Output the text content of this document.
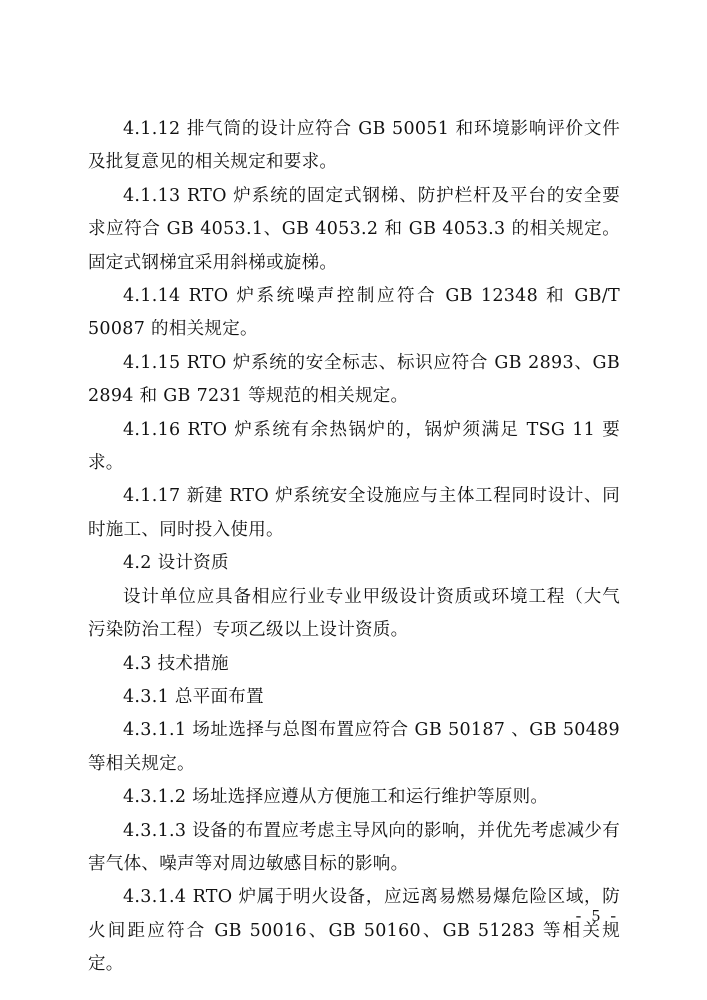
4.1.12 排气筒的设计应符合 GB 50051 和环境影响评价文件及批复意见的相关规定和要求。

4.1.13 RTO 炉系统的固定式钢梯、防护栏杆及平台的安全要求应符合 GB 4053.1、GB 4053.2 和 GB 4053.3 的相关规定。固定式钢梯宜采用斜梯或旋梯。

4.1.14 RTO 炉系统噪声控制应符合 GB 12348 和 GB/T 50087 的相关规定。

4.1.15 RTO 炉系统的安全标志、标识应符合 GB 2893、GB 2894 和 GB 7231 等规范的相关规定。

4.1.16 RTO 炉系统有余热锅炉的，锅炉须满足 TSG 11 要求。

4.1.17 新建 RTO 炉系统安全设施应与主体工程同时设计、同时施工、同时投入使用。

4.2 设计资质

设计单位应具备相应行业专业甲级设计资质或环境工程（大气污染防治工程）专项乙级以上设计资质。

4.3 技术措施

4.3.1 总平面布置

4.3.1.1 场址选择与总图布置应符合 GB 50187 、GB 50489 等相关规定。

4.3.1.2 场址选择应遵从方便施工和运行维护等原则。

4.3.1.3 设备的布置应考虑主导风向的影响，并优先考虑减少有害气体、噪声等对周边敏感目标的影响。

4.3.1.4 RTO 炉属于明火设备，应远离易燃易爆危险区域，防火间距应符合 GB 50016、GB 50160、GB 51283 等相关规定。

- 5 -
